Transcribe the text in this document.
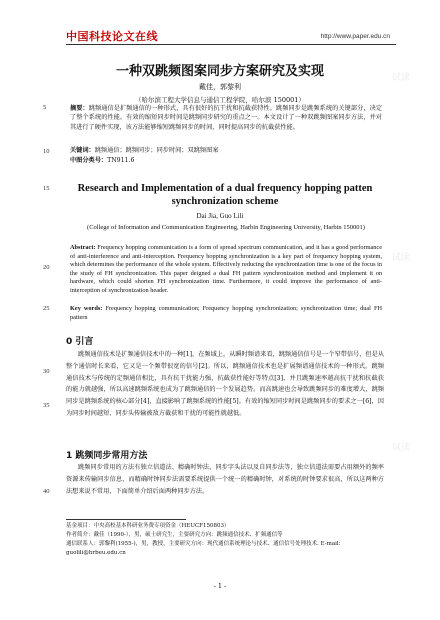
中国科技论文在线	http://www.paper.edu.cn
试读
试读
试读
一种双跳频图案同步方案研究及实现
戴佳，郭黎利
（哈尔滨工程大学信息与通信工程学院，哈尔滨 150001）
5	摘要：跳频通信是扩频通信的一种形式，具有很好的抗干扰和抗截获特性。跳频同步是跳频系统的关键部分，决定了整个系统的性能。有效的缩短同步时间是跳频同步研究的重点之一。本文设计了一种双跳频图案同步方法，并对其进行了硬件实现，该方法能够缩短跳频同步的时间，同时提高同步的抗截获性能。
10	关键词：跳频通信；跳频同步；同步时间；双跳频图案
中图分类号：TN911.6
15	Research and Implementation of a dual frequency hopping patten synchronization scheme
Dai Jia, Guo Lili
(College of Information and Communication Engineering, Harbin Engineering University, Harbin 150001)
20
Abstract: Frequency hopping communication is a form of spread spectrum communication, and it has a good performance of anti-interference and anti-interception. Frequency hopping synchronization is a key part of frequency hopping system, which determines the performance of the whole system. Effectively reducing the synchronization time is one of the focus in the study of FH synchronization. This paper deigned a dual FH pattern synchronization method and implement it on hardware, which could shorten FH synchronization time. Furthermore, it could improve the performance of anti-interception of synchronization header.
25	Key words: Frequency hopping communication; Frequency hopping synchronization; synchronization time; dual FH pattern
0 引言
30
35
跳频通信技术是扩频通信技术中的一种[1]，在频域上，从瞬时频谱来看，跳频通信信号是一个窄带信号，但是从整个通信时长来看，它又是一个频带很宽的信号[2]。所以，跳频通信技术也是扩展频谱通信技术的一种形式。跳频通信技术与传统的定频通信相比，具有抗干扰能力强，抗截获性能好等特点[3]，并且跳频速率越高抗干扰和抗截获的能力就越强，所以高速跳频系统也成为了跳频通信的一个发展趋势。而高跳速也会导致跳频同步的难度增大，跳频同步是跳频系统的核心部分[4]，直接影响了跳频系统的性能[5]。有效的缩短同步时间是跳频同步的要求之一[6]，因为同步时间越短，同步头传输被敌方截获和干扰的可能性就越低。
1 跳频同步常用方法
40
跳频同步常用的方法有独立信道法、精确时钟法、同步字头法以及自同步法等，独立信道法需要占用额外的频率资源来传输同步信息，而精确时钟同步法需要系统提供一个统一的精确时钟，对系统的时钟要求很高，所以这两种方法想来说不常用，下面简单介绍后面两种同步方法。
基金项目：中央高校基本科研业务费专项资金（HEUCF150803）
作者简介：戴佳（1990-），男，硕士研究生，主要研究方向：跳频通信技术、扩频通信等
通信联系人：郭黎利(1955-)，男，教授，主要研究方向：现代通信系统理论与技术、通信信号处理技术. E-mail: guolili@hrbeu.edu.cn
- 1 -
